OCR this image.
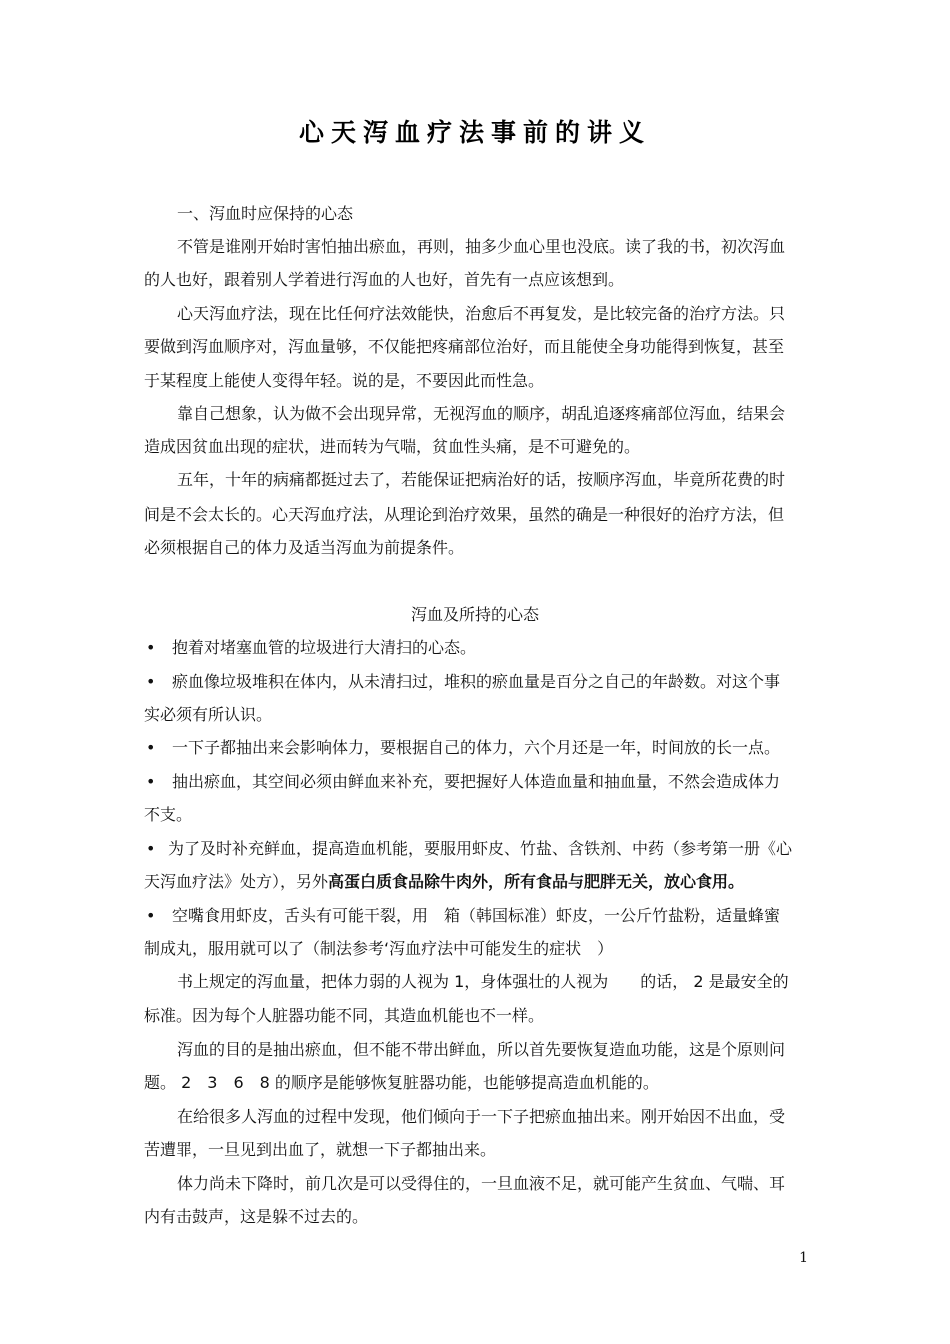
心天泻血疗法事前的讲义
一、泻血时应保持的心态
不管是谁刚开始时害怕抽出瘀血，再则，抽多少血心里也没底。读了我的书，初次泻血
的人也好，跟着别人学着进行泻血的人也好，首先有一点应该想到。
心天泻血疗法，现在比任何疗法效能快，治愈后不再复发，是比较完备的治疗方法。只
要做到泻血顺序对，泻血量够，不仅能把疼痛部位治好，而且能使全身功能得到恢复，甚至
于某程度上能使人变得年轻。说的是，不要因此而性急。
靠自己想象，认为做不会出现异常，无视泻血的顺序，胡乱追逐疼痛部位泻血，结果会
造成因贫血出现的症状，进而转为气喘，贫血性头痛，是不可避免的。
五年，十年的病痛都挺过去了，若能保证把病治好的话，按顺序泻血，毕竟所花费的时
间是不会太长的。心天泻血疗法，从理论到治疗效果，虽然的确是一种很好的治疗方法，但
必须根据自己的体力及适当泻血为前提条件。
泻血及所持的心态
• 抱着对堵塞血管的垃圾进行大清扫的心态。
• 瘀血像垃圾堆积在体内，从未清扫过，堆积的瘀血量是百分之自己的年龄数。对这个事
实必须有所认识。
• 一下子都抽出来会影响体力，要根据自己的体力，六个月还是一年，时间放的长一点。
• 抽出瘀血，其空间必须由鲜血来补充，要把握好人体造血量和抽血量，不然会造成体力
不支。
• 为了及时补充鲜血，提高造血机能，要服用虾皮、竹盐、含铁剂、中药（参考第一册《心
天泻血疗法》处方），另外高蛋白质食品除牛肉外，所有食品与肥胖无关，放心食用。
• 空嘴食用虾皮，舌头有可能干裂，用　箱（韩国标准）虾皮，一公斤竹盐粉，适量蜂蜜
制成丸，服用就可以了（制法参考‘泻血疗法中可能发生的症状　）
书上规定的泻血量，把体力弱的人视为 1，身体强壮的人视为　　的话， 2 是最安全的
标准。因为每个人脏器功能不同，其造血机能也不一样。
泻血的目的是抽出瘀血，但不能不带出鲜血，所以首先要恢复造血功能，这是个原则问
题。 2　3　6　8 的顺序是能够恢复脏器功能，也能够提高造血机能的。
在给很多人泻血的过程中发现，他们倾向于一下子把瘀血抽出来。刚开始因不出血，受
苦遭罪，一旦见到出血了，就想一下子都抽出来。
体力尚未下降时，前几次是可以受得住的，一旦血液不足，就可能产生贫血、气喘、耳
内有击鼓声，这是躲不过去的。
1
